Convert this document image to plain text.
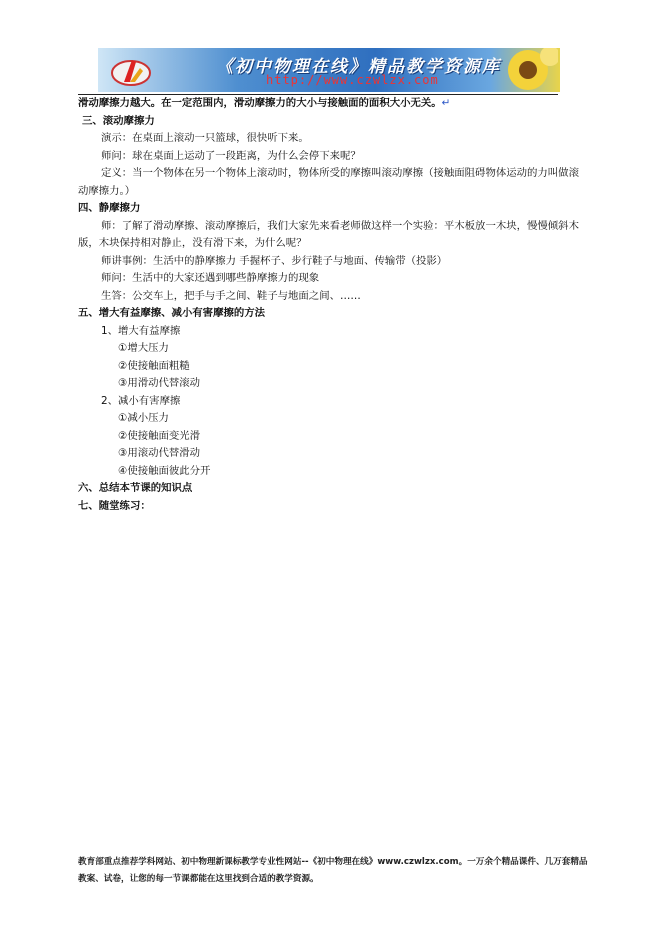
《初中物理在线》精品教学资源库
http://www.czwlzx.com
滑动摩擦力越大。在一定范围内，滑动摩擦力的大小与接触面的面积大小无关。↵
三、滚动摩擦力
演示：在桌面上滚动一只篮球，很快听下来。
师问：球在桌面上运动了一段距离，为什么会停下来呢？
定义：当一个物体在另一个物体上滚动时，物体所受的摩擦叫滚动摩擦（接触面阻碍物体运动的力叫做滚动摩擦力。）
四、静摩擦力
师：了解了滑动摩擦、滚动摩擦后，我们大家先来看老师做这样一个实验：平木板放一木块，慢慢倾斜木版，木块保持相对静止，没有滑下来，为什么呢？
师讲事例：生活中的静摩擦力 手握杯子、步行鞋子与地面、传输带（投影）
师问：生活中的大家还遇到哪些静摩擦力的现象
生答：公交车上，把手与手之间、鞋子与地面之间、……
五、增大有益摩擦、减小有害摩擦的方法
1、增大有益摩擦
①增大压力
②使接触面粗糙
③用滑动代替滚动
2、减小有害摩擦
①减小压力
②使接触面变光滑
③用滚动代替滑动
④使接触面彼此分开
六、总结本节课的知识点
七、随堂练习：
教育部重点推荐学科网站、初中物理新课标教学专业性网站--《初中物理在线》www.czwlzx.com。一万余个精品课件、几万套精品教案、试卷，让您的每一节课都能在这里找到合适的教学资源。
